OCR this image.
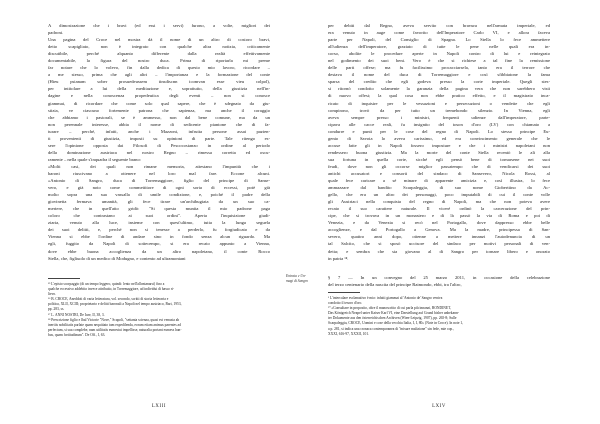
A dimostrazione che i bravi (ed essi i servi) furono, a volte, migliori dei
padroni.
Una pagina del Croce nel mostra dà il nome di un altro di costoro bravi,
detto scapigliato, non è integrato con qualche altra notizia, criticamente
discutibile, perché alquanto differente dalla realtà effettivamente
documentabile, la figura del nostro duca. Prima di riportarla mi preme
far notare che lo volevo, fin dalla dedica di questo mio lavoro, ricordare –
a me stesso, prima che agli altri – l'importanza e la formazione del conte
(Hieu psianam sober prosuedeussem tinsdiscnn icomvan esse vieu colpol),
per intitolare a lui della meditazione e, soprattutto, della giustizia nell'in-
dagine e nella conoscenza propedeutica degli eventi – non si conosce
giammai, di ricordare che come solo qual sapere, che è sdegnato da giu-
stizia, ve ciascuno fortemente patrona che sapienza, ma anche il coraggio
che abbiamo i pastorali, se è ammesso, non dal bene comune, ma da un
non perennale interesse, abbia il nome di sedicente piantone che di fa-
turare – perché, infatti, anche i Mazzoni, infrutta persone assai pazien-
ti provenienti di giustizia, imposti su opinioni di parte. Tale ritengo es-
sere l'opinione opposta dai Filosofi di Pescocostanzo in ordine al periodo
della dominazione austriaca nel nostro Regno – rimessa corretta ed oscu-
ramente – nella quale s'inquadra il seguente brano:
«Molti casi, dei quali non rimane memoria, attestano l'impunità che i
baroni riuscivano a ottenere nel loro mal fare. Eccone alcuni.
«Antonio di Sangro, duca di Torremaggiore, figlio del principe di Sanse-
vero, e già noto come commettitore di ogni sorta di eccessi, potè già
molto sopra una sua vassalla di umile condizione, e, poiché il padre della
giovinetta fermava umanità, gli fece tirare un'archibugiata da un suo ca-
meriere, che in quell'atto gridò: "Si questa munita il mio padrone paga
coloro che contrastano ai suoi ordini". Aperta l'inquisizione giudi-
ziaria, venuto alla luce, insieme con quest'ultimo, tutta la lunga seguela
dei suoi delitti, e, perché non si tenesse a perderlo, fu forgiudicato e da
Vienna si ebbe l'ordine di andare sino in fondo senza alcun riguardo. Ma
egli, fuggito da Napoli di sottecempo, si era recato appunto a Vienna,
dove ebbe buona accoglienza da un altro napoletano, il conte Rocco
Stella, che, figliuolo di un medico di Modugno, e contento ad ultramontani
¹⁵ L'episto scorpaggio (di un tempo leggero, quindi: lento nell'allontanarsi) fino a
qualche eccessivo addebito invece attribuito, in Torremaggiore, ad individui di basso ri-
lievo.
¹⁶ B. CROCE, Aneddoti di varia letteratura, vol. secondo, scritti di storia letteraria e
politica, XLII, XCIII; proprietario e delitti baronali a Napoli nel tempo austriaco, Bari, 1953,
pp. 283, ss.
¹⁷ L. ANNI NOSTRI, De Iure, II, 38, 3.
¹⁸ Prescrizione figlio e lbal Victorie "Nove," Scapoli, "settanta scienza, quasi est venusta ab
inertiis nobilitatis parlate quam nequitiato tam expedilenda, eorum etiam animus parentes ad
perfectum, si sua complebe, nam utilitatis eumestui impellisse, naturalia portant eumess han-
bus, quam fortitudinum". De Off., I, 63.
LXIII
Entrata e Un-
magi di Sangro
per debiti dal Regno, aveva servito con bravura nell'armata imperiale, ed
era venuto in auge come favorito dell'Imperatore Carlo VI, e allora faceva
parte per Napoli, del Consiglio di Spagna. Lo Stella lo fece ammettere
all'udienza dell'imperatore, graziato di tutte le pene nelle quali era in-
corso, abolite le procedure aperte in Napoli contro di lui e reintegrato
nel godimento dei suoi beni. Vero è che si richiese a tal fine la remissione
delle parti offese; ma fu facilissimo procacciarsela, tanto era il terrore che
destava il nome del duca di Torremaggiore e così sfibbiatone la fama
sparsa del credito che egli godeva presso la corte imperiale. Quegli stes-
si ritornò condotto solamente la garanzia della pagina vera che non sarebbero visti
di nuovo offesi; la qual cosa non ebbe pratico effetto, e il magistrato inca-
ricato di inquisire per le vessazioni e persecuzioni o vendette che egli
compirono, trovò da per tutto un tremebondo silenzio. In Vienna, egli
aveva sempre presso i ministri, frequenti udienze dall'imperatore, parte-
cipava alle cacce reali, fu insignito del toson d'oro (LV) con chiamato a
condurre e punti per le cose del regno di Napoli. Lo stesso principe Eu-
genio di Savoia lo aveva carissimo, ed era convincimento generale che le
accuse fatte gli in Napoli fossero imposture e che i ministri napoletani non
rendessero buona giustizia. Ma la morte del conte Stella recentò le ali alla
sua fortuna in quella corte, sicché egli pensò bene di tornarsene nei suoi
feudi, dove non gli occorse miglior passatempo che di vendicarsi dei suoi
antichi accusatori e consorti del sindaco di Sansevero, Nicola Rossi, al
quale fece caricare a sé minare di apparente amicizia e, così illustra, lo fece
ammazzare dal bandito Scarpaleggia, di suo nome Gioberttino da Ac-
gello, che era un altro dei personaggi, poco imputabili di cui il conte volle
gli Austriaci nella conquista del regno di Napoli, ma che non poteva avere
recato il suo carattere naturale. Il viceré ordinò la carcerazione del prin-
cipe, che si trovava in un monastero e di là passò la via di Roma e poi di
Venezia, e da Venezia si recò nel Portogallo, dove dappresso ebbe belle
accoglienze, e dal Portogallo a Genova. Ma la madre, principessa di San-
severo, quattro anni dopo, ottenne a mettere innanzi l'autodenuncia di un
tal Salcito, che si sposò uccisore del sindaco per motivi personali di ven-
detta; e sembra che sia giovano al di Sangro per tornare libero e onorato
in patria ¹⁸.
§ 7 — In un convegno del 25 marzo 2011, in occasione della celebrazione
del terzo centenario della nascita del principe Raimondo, ebbi, tra l'altro,
¹ L'intercalare esclamativo è mio: infatti giammai al 'Antonio de' Sangro veniva
condotto il tesoro d'oro.
²⁰ «Consultare in proposito, oltre il manoscritto di cui parla più innanzi, BONDINET,
Das Königreich Neapel unter Kaiser Karl VI, eine Darstellung auf Grund bisher unbekann-
ter Dokumente aus den österreichischen Archiven (Wien-Leipzig, 1907), pp. 265-8; Sulle
Scarpaleggia, CROCE, Uomini e cose della vecchia Italia, I, I, 80» (Note in Croce). In note 1,
a p. 281, si indica una cronaca contemporanea di "misure malizione" sin fede, mie cop.,
XXXI, 616-97, XXXII, 101.
LXIV
